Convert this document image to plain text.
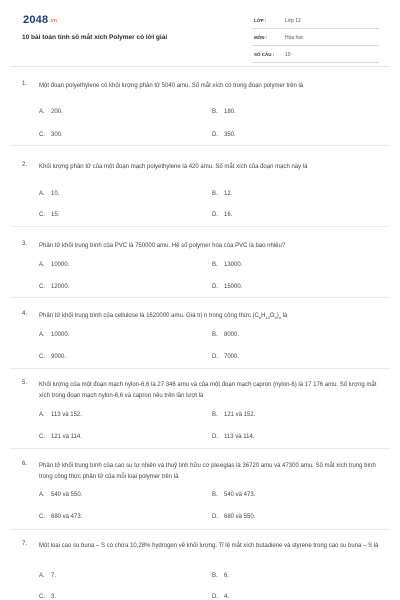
2048.vn
10 bài toán tính số mắt xích Polymer có lời giải
LỚP :	Lớp 12
MÔN :	Hóa học
SỐ CÂU : 10
1. Một đoạn polyethylene có khối lượng phân tử 5040 amu. Số mắt xích có trong đoạn polymer trên là
A. 200.	B. 180.
C. 300.	D. 350.
2. Khối lượng phân tử của một đoạn mạch polyethylene là 420 amu. Số mắt xích của đoạn mạch này là
A. 10.	B. 12.
C. 15.	D. 16.
3. Phân tử khối trung bình của PVC là 750000 amu. Hệ số polymer hóa của PVC là bao nhiêu?
A. 10000.	B. 13000.
C. 12000.	D. 15000.
4. Phân tử khối trung bình của cellulose là 1620000 amu. Giá trị n trong công thức $(C_6H_{10}O_5)_n$ là
A. 10000.	B. 8000.
C. 9000.	D. 7000.
5. Khối lượng của một đoạn mạch nylon-6,6 là 27 346 amu và của một đoạn mạch capron (nylon-6) là 17 176 amu. Số lượng mắt xích trong đoạn mạch nylon-6,6 và capron nêu trên lần lượt là
A. 113 và 152.	B. 121 và 152.
C. 121 và 114.	D. 113 và 114.
6. Phân tử khối trung bình của cao su tự nhiên và thuỷ tinh hữu cơ plexiglas là 36720 amu và 47300 amu. Số mắt xích trung bình trong công thức phân tử của mỗi loại polymer trên là
A. 540 và 550.	B. 540 và 473.
C. 680 và 473.	D. 680 và 550.
7. Một loại cao su buna – S có chứa 10,28% hydrogen về khối lượng. Tỉ lệ mắt xích butadiene và styrene trong cao su buna – S là
A. 7.	B. 6.
C. 3.	D. 4.
